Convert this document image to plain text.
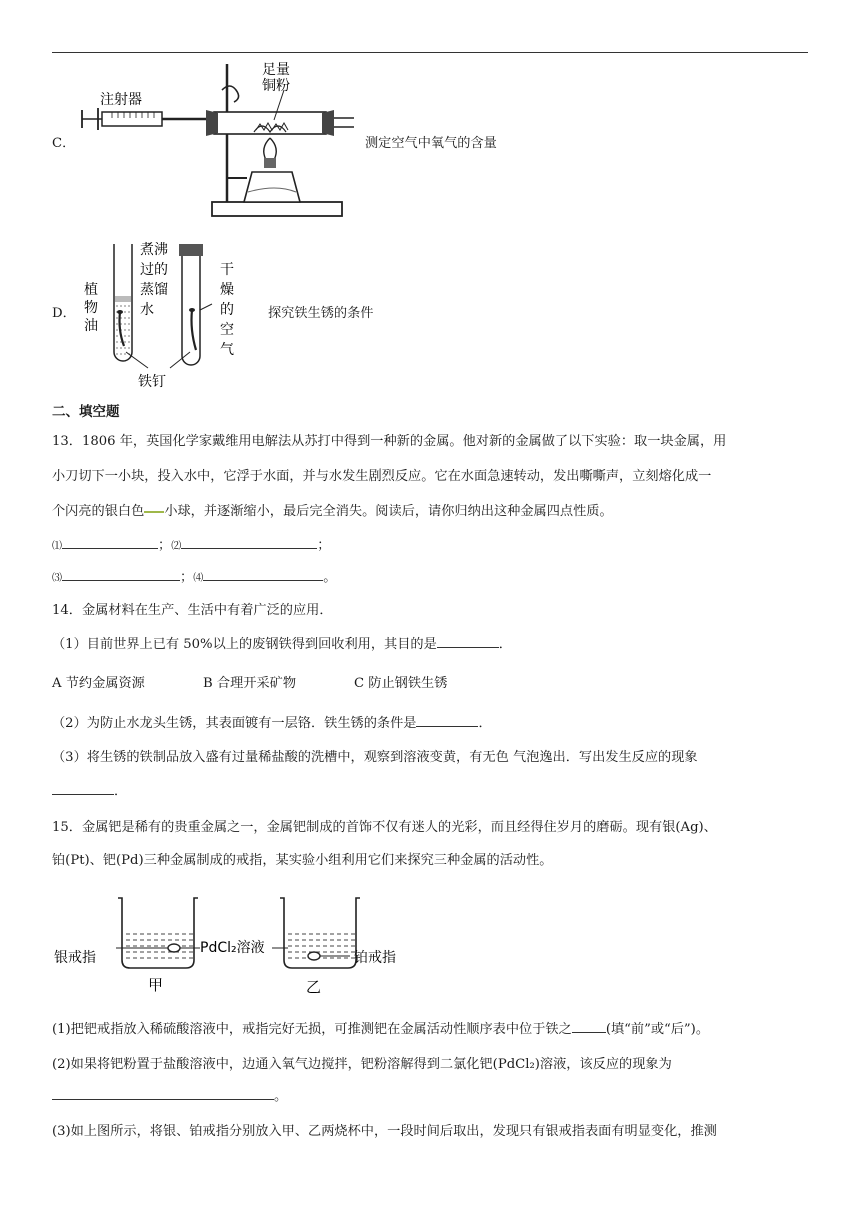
C．
注射器
足量
铜粉
测定空气中氧气的含量
D．
植
物
油
煮沸
过的
蒸馏
水
干
燥
的
空
气
铁钉
探究铁生锈的条件
二、填空题
13．1806 年，英国化学家戴维用电解法从苏打中得到一种新的金属。他对新的金属做了以下实验：取一块金属，用
小刀切下一小块，投入水中，它浮于水面，并与水发生剧烈反应。它在水面急速转动，发出嘶嘶声，立刻熔化成一
个闪亮的银白色 小球，并逐渐缩小，最后完全消失。阅读后，请你归纳出这种金属四点性质。
⑴	；⑵	；
⑶	；⑷	。
14．金属材料在生产、生活中有着广泛的应用．
（1）目前世界上已有 50%以上的废钢铁得到回收利用，其目的是	．
A 节约金属资源	B 合理开采矿物	C 防止钢铁生锈
（2）为防止水龙头生锈，其表面镀有一层铬．铁生锈的条件是	．
（3）将生锈的铁制品放入盛有过量稀盐酸的洗槽中，观察到溶液变黄，有无色 气泡逸出．写出发生反应的现象
．
15．金属钯是稀有的贵重金属之一，金属钯制成的首饰不仅有迷人的光彩，而且经得住岁月的磨砺。现有银(Ag)、
铂(Pt)、钯(Pd)三种金属制成的戒指，某实验小组利用它们来探究三种金属的活动性。
银戒指
PdCl₂溶液
铂戒指
甲	乙
(1)把钯戒指放入稀硫酸溶液中，戒指完好无损，可推测钯在金属活动性顺序表中位于铁之	(填“前”或“后”)。
(2)如果将钯粉置于盐酸溶液中，边通入氧气边搅拌，钯粉溶解得到二氯化钯(PdCl₂)溶液，该反应的现象为
。
(3)如上图所示，将银、铂戒指分别放入甲、乙两烧杯中，一段时间后取出，发现只有银戒指表面有明显变化，推测
